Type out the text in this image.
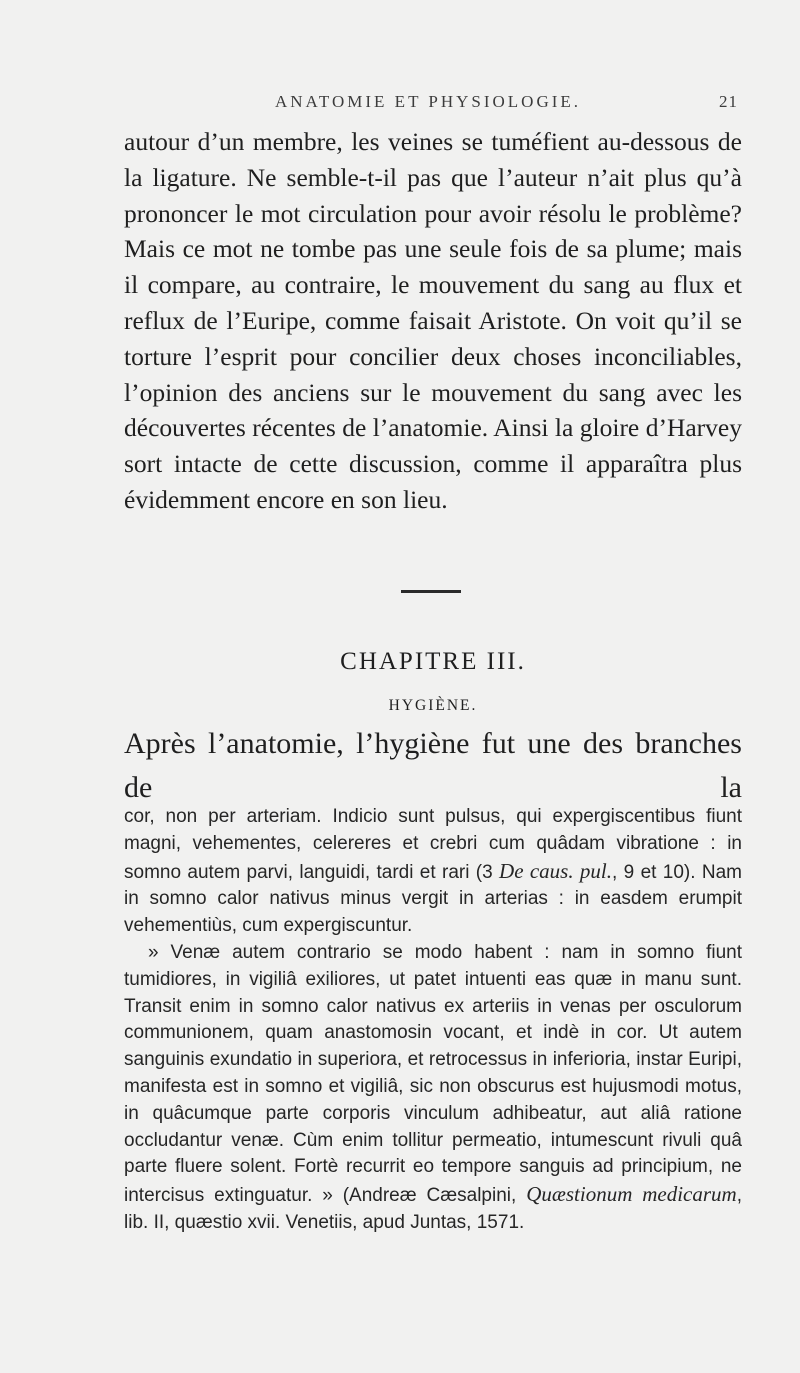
ANATOMIE ET PHYSIOLOGIE.	21

autour d’un membre, les veines se tuméfient au-dessous de la ligature. Ne semble-t-il pas que l’auteur n’ait plus qu’à prononcer le mot circulation pour avoir résolu le problème? Mais ce mot ne tombe pas une seule fois de sa plume; mais il compare, au contraire, le mouvement du sang au flux et reflux de l’Euripe, comme faisait Aristote. On voit qu’il se torture l’esprit pour concilier deux choses inconciliables, l’opinion des anciens sur le mouvement du sang avec les découvertes récentes de l’anatomie. Ainsi la gloire d’Harvey sort intacte de cette discussion, comme il apparaîtra plus évidemment encore en son lieu.

CHAPITRE III.
HYGIÈNE.

Après l’anatomie, l’hygiène fut une des branches de la

cor, non per arteriam. Indicio sunt pulsus, qui expergiscentibus fiunt magni, vehementes, celereres et crebri cum quâdam vibratione : in somno autem parvi, languidi, tardi et rari (3 De caus. pul., 9 et 10). Nam in somno calor nativus minus vergit in arterias : in easdem erumpit vehementiùs, cum expergiscuntur.

» Venæ autem contrario se modo habent : nam in somno fiunt tumidiores, in vigiliâ exiliores, ut patet intuenti eas quæ in manu sunt. Transit enim in somno calor nativus ex arteriis in venas per osculorum communionem, quam anastomosin vocant, et indè in cor. Ut autem sanguinis exundatio in superiora, et retrocessus in inferioria, instar Euripi, manifesta est in somno et vigiliâ, sic non obscurus est hujusmodi motus, in quâcumque parte corporis vinculum adhibeatur, aut aliâ ratione occludantur venæ. Cùm enim tollitur permeatio, intumescunt rivuli quâ parte fluere solent. Fortè recurrit eo tempore sanguis ad principium, ne intercisus extinguatur. » (Andreæ Cæsalpini, Quæstionum medicarum, lib. II, quæstio xvii. Venetiis, apud Juntas, 1571.
